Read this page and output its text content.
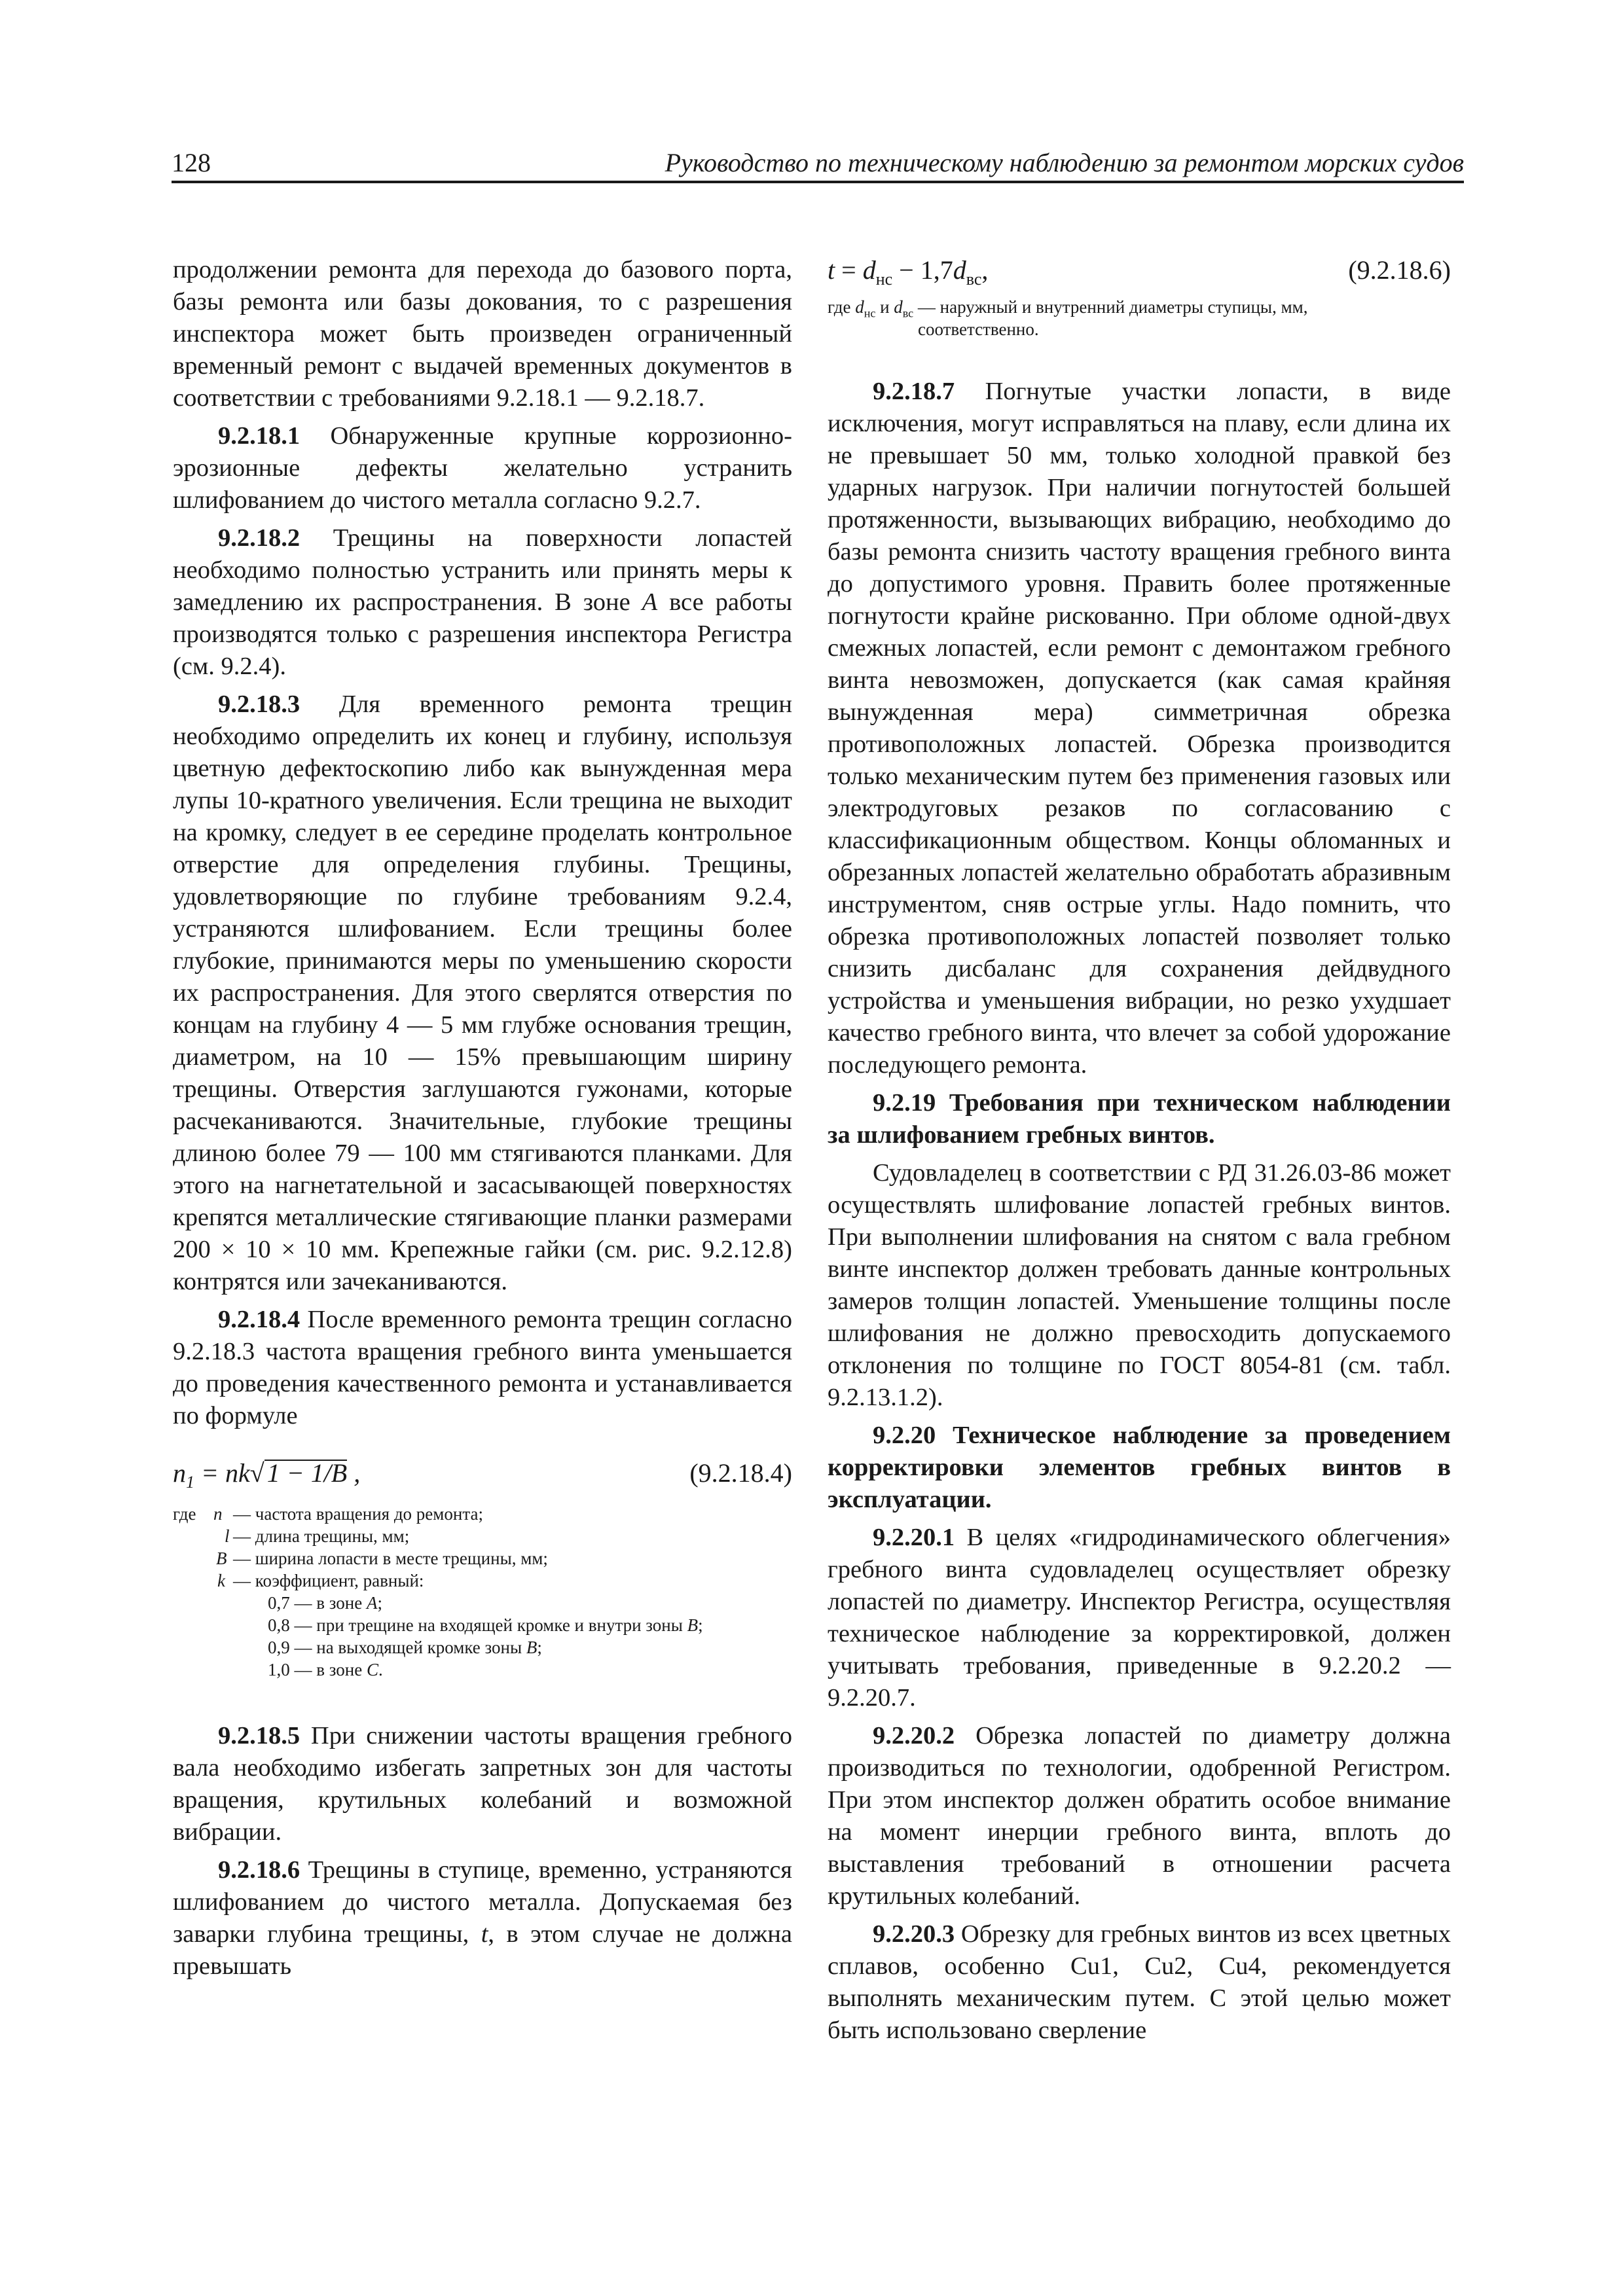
128	Руководство по техническому наблюдению за ремонтом морских судов

продолжении ремонта для перехода до базового порта, базы ремонта или базы докования, то с разрешения инспектора может быть произведен ограниченный временный ремонт с выдачей временных документов в соответствии с требованиями 9.2.18.1 — 9.2.18.7.

9.2.18.1 Обнаруженные крупные коррозионно-эрозионные дефекты желательно устранить шлифованием до чистого металла согласно 9.2.7.

9.2.18.2 Трещины на поверхности лопастей необходимо полностью устранить или принять меры к замедлению их распространения. В зоне A все работы производятся только с разрешения инспектора Регистра (см. 9.2.4).

9.2.18.3 Для временного ремонта трещин необходимо определить их конец и глубину, используя цветную дефектоскопию либо как вынужденная мера лупы 10-кратного увеличения. Если трещина не выходит на кромку, следует в ее середине проделать контрольное отверстие для определения глубины. Трещины, удовлетворяющие по глубине требованиям 9.2.4, устраняются шлифованием. Если трещины более глубокие, принимаются меры по уменьшению скорости их распространения. Для этого сверлятся отверстия по концам на глубину 4 — 5 мм глубже основания трещин, диаметром, на 10 — 15% превышающим ширину трещины. Отверстия заглушаются гужонами, которые расчеканиваются. Значительные, глубокие трещины длиною более 79 — 100 мм стягиваются планками. Для этого на нагнетательной и засасывающей поверхностях крепятся металлические стягивающие планки размерами 200 × 10 × 10 мм. Крепежные гайки (см. рис. 9.2.12.8) контрятся или зачеканиваются.

9.2.18.4 После временного ремонта трещин согласно 9.2.18.3 частота вращения гребного винта уменьшается до проведения качественного ремонта и устанавливается по формуле

$n_1 = nk√$ 1 − 1/B ,	(9.2.18.4)
где n — частота вращения до ремонта;
l — длина трещины, мм;
B — ширина лопасти в месте трещины, мм;
k — коэффициент, равный:
0,7 — в зоне A;
0,8 — при трещине на входящей кромке и внутри зоны B;
0,9 — на выходящей кромке зоны B;
1,0 — в зоне C.

9.2.18.5 При снижении частоты вращения гребного вала необходимо избегать запретных зон для частоты вращения, крутильных колебаний и возможной вибрации.

9.2.18.6 Трещины в ступице, временно, устраняются шлифованием до чистого металла. Допускаемая без заварки глубина трещины, t, в этом случае не должна превышать

$t = d_{нс} - 1,7d_{вс}$,	(9.2.18.6)
где $d_{нс}$ и $d_{вс}$ — наружный и внутренний диаметры ступицы, мм,
соответственно.

9.2.18.7 Погнутые участки лопасти, в виде исключения, могут исправляться на плаву, если длина их не превышает 50 мм, только холодной правкой без ударных нагрузок. При наличии погнутостей большей протяженности, вызывающих вибрацию, необходимо до базы ремонта снизить частоту вращения гребного винта до допустимого уровня. Править более протяженные погнутости крайне рискованно. При обломе одной-двух смежных лопастей, если ремонт с демонтажом гребного винта невозможен, допускается (как самая крайняя вынужденная мера) симметричная обрезка противоположных лопастей. Обрезка производится только механическим путем без применения газовых или электродуговых резаков по согласованию с классификационным обществом. Концы обломанных и обрезанных лопастей желательно обработать абразивным инструментом, сняв острые углы. Надо помнить, что обрезка противоположных лопастей позволяет только снизить дисбаланс для сохранения дейдвудного устройства и уменьшения вибрации, но резко ухудшает качество гребного винта, что влечет за собой удорожание последующего ремонта.

9.2.19 Требования при техническом наблюдении за шлифованием гребных винтов.

Судовладелец в соответствии с РД 31.26.03-86 может осуществлять шлифование лопастей гребных винтов. При выполнении шлифования на снятом с вала гребном винте инспектор должен требовать данные контрольных замеров толщин лопастей. Уменьшение толщины после шлифования не должно превосходить допускаемого отклонения по толщине по ГОСТ 8054-81 (см. табл. 9.2.13.1.2).

9.2.20 Техническое наблюдение за проведением корректировки элементов гребных винтов в эксплуатации.

9.2.20.1 В целях «гидродинамического облегчения» гребного винта судовладелец осуществляет обрезку лопастей по диаметру. Инспектор Регистра, осуществляя техническое наблюдение за корректировкой, должен учитывать требования, приведенные в 9.2.20.2 — 9.2.20.7.

9.2.20.2 Обрезка лопастей по диаметру должна производиться по технологии, одобренной Регистром. При этом инспектор должен обратить особое внимание на момент инерции гребного винта, вплоть до выставления требований в отношении расчета крутильных колебаний.

9.2.20.3 Обрезку для гребных винтов из всех цветных сплавов, особенно Cu1, Cu2, Cu4, рекомендуется выполнять механическим путем. С этой целью может быть использовано сверление
